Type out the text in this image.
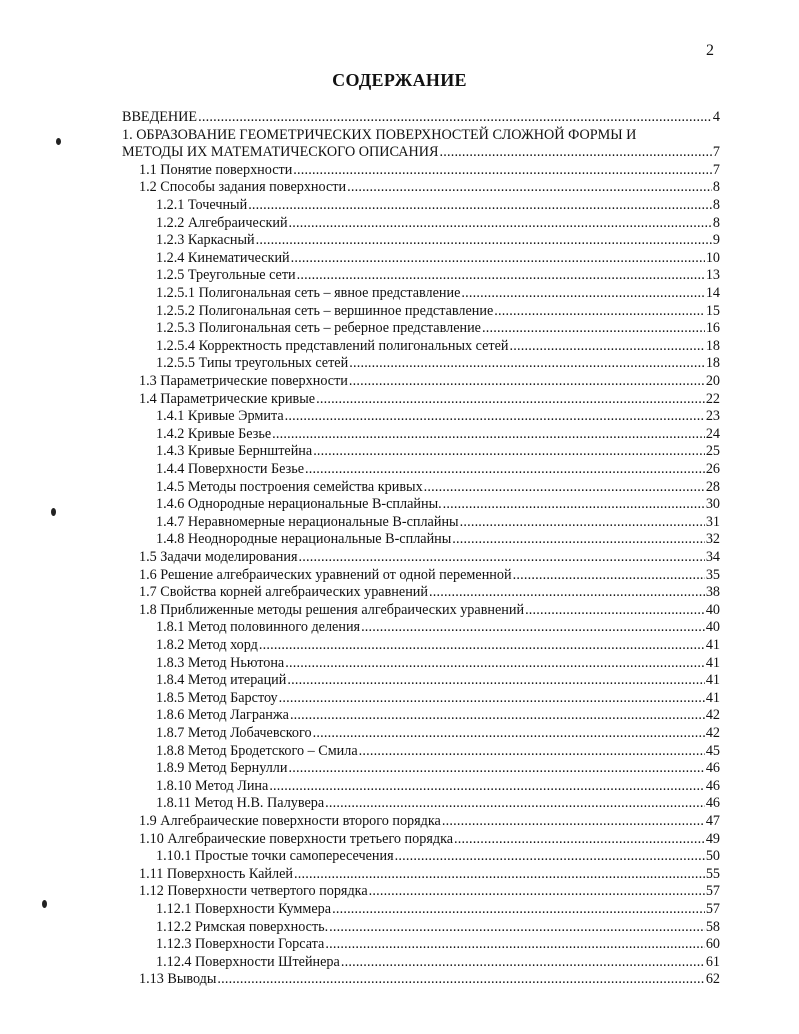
2
СОДЕРЖАНИЕ
ВВЕДЕНИЕ .....	4
1. ОБРАЗОВАНИЕ ГЕОМЕТРИЧЕСКИХ ПОВЕРХНОСТЕЙ СЛОЖНОЙ ФОРМЫ И
МЕТОДЫ ИХ МАТЕМАТИЧЕСКОГО ОПИСАНИЯ .....	7
1.1 Понятие поверхности .....	7
1.2 Способы задания поверхности .....	8
1.2.1 Точечный .....	8
1.2.2 Алгебраический .....	8
1.2.3 Каркасный .....	9
1.2.4 Кинематический .....	10
1.2.5 Треугольные сети .....	13
1.2.5.1 Полигональная сеть – явное представление .....	14
1.2.5.2 Полигональная сеть – вершинное представление .....	15
1.2.5.3 Полигональная сеть – реберное представление .....	16
1.2.5.4 Корректность представлений полигональных сетей .....	18
1.2.5.5 Типы треугольных сетей .....	18
1.3 Параметрические поверхности .....	20
1.4 Параметрические кривые .....	22
1.4.1 Кривые Эрмита .....	23
1.4.2 Кривые Безье .....	24
1.4.3 Кривые Бернштейна .....	25
1.4.4 Поверхности Безье .....	26
1.4.5 Методы построения семейства кривых .....	28
1.4.6 Однородные нерациональные В-сплайны. .....	30
1.4.7 Неравномерные нерациональные В-сплайны .....	31
1.4.8 Неоднородные нерациональные В-сплайны .....	32
1.5 Задачи моделирования .....	34
1.6 Решение алгебраических уравнений от одной переменной .....	35
1.7 Свойства корней алгебраических уравнений .....	38
1.8 Приближенные методы решения алгебраических уравнений .....	40
1.8.1 Метод половинного деления .....	40
1.8.2 Метод хорд .....	41
1.8.3 Метод Ньютона .....	41
1.8.4 Метод итераций .....	41
1.8.5 Метод Барстоу .....	41
1.8.6 Метод Лагранжа .....	42
1.8.7 Метод Лобачевского .....	42
1.8.8 Метод Бродетского – Смила .....	45
1.8.9 Метод Бернулли .....	46
1.8.10 Метод Лина .....	46
1.8.11 Метод Н.В. Палувера .....	46
1.9 Алгебраические поверхности второго порядка .....	47
1.10 Алгебраические поверхности третьего порядка .....	49
1.10.1 Простые точки самопересечения .....	50
1.11 Поверхность Кайлей .....	55
1.12 Поверхности четвертого порядка .....	57
1.12.1 Поверхности Куммера .....	57
1.12.2 Римская поверхность. .....	58
1.12.3 Поверхности Горсата .....	60
1.12.4 Поверхности Штейнера .....	61
1.13 Выводы .....	62
